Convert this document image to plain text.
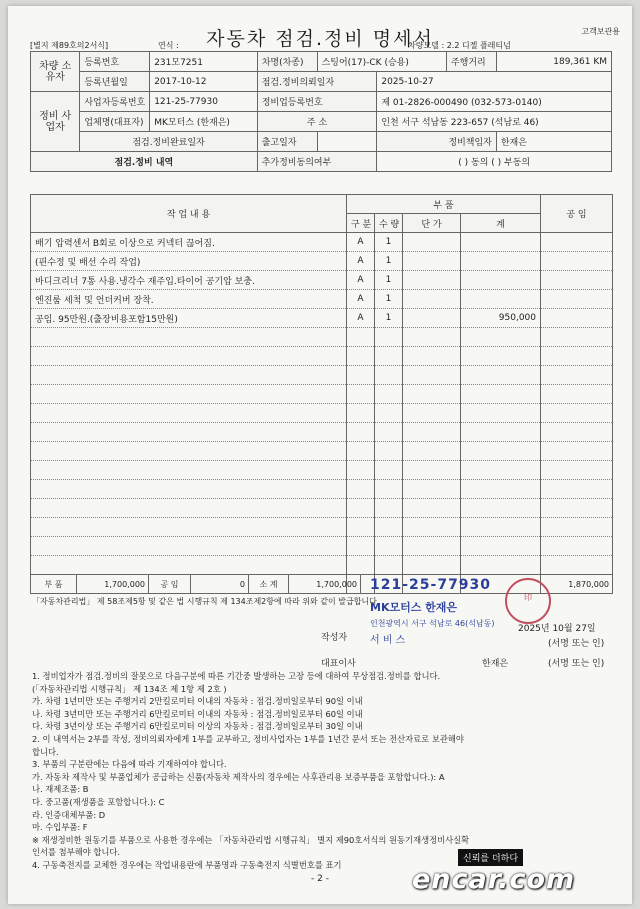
자동차 점검.정비 명세서	고객보관용
[별지 제89호의2서식]	연식 :	차량모델 : 2.2 디젤 플래티넘
차량 소유자	등록번호	231모7251	차명(차종)	스팅어(17)-CK (승용)		주행거리	189,361 KM
	등록년월일	2017-10-12	점검.정비의뢰일자		2025-10-27		
정비 사업자	사업자등록번호	121-25-77930	정비업등록번호		제 01-2826-000490 (032-573-0140)		
	업체명(대표자)	MK모터스 (한재은)	주 소		인천 서구 석남동 223-657 (석남로 46)		
	점검.정비완료일자		출고일자		정비책임자		한재은
점검.정비 내역			추가정비동의여부		( ) 동의 ( ) 부동의		
작 업 내 용	부 품				공 임
	구 분	수 량	단 가	계	
배기 압력센서 B회로 이상으로 커넥터 끊어짐.	A	1			
(핀수정 및 배선 수리 작업)	A	1			
바디크리너 7통 사용.냉각수 재주입.타이어 공기압 보충.	A	1			
엔진룸 세척 및 언더커버 장착.	A	1			
공임. 95만원.(출장비용포함15만원)	A	1		950,000	

부 품	1,700,000	공 임	0	소 계	1,700,000		1,870,000
「자동차관리법」 제 58조제5항 및 같은 법 시행규칙 제 134조제2항에 따라 위와 같이 발급합니다.
121-25-77930
MK모터스 한재은
인천광역시 서구 석남로 46(석남동)
印
2025년 10월 27일
작성자 서 비 스	(서명 또는 인)
대표이사	한재은	(서명 또는 인)
1. 정비업자가 점검.정비의 잘못으로 다음구분에 따른 기간중 발생하는 고장 등에 대하여 무상점검.정비를 합니다.
(「자동차관리법 시행규칙」 제 134조 제 1항 제 2호 )
가. 차령 1년미만 또는 주행거리 2만킬로미터 이내의 자동차 : 점검.정비일로부터 90일 이내
나. 차령 3년미만 또는 주행거리 6만킬로미터 이내의 자동차 : 점검.정비일로부터 60일 이내
다. 차령 3년이상 또는 주행거리 6만킬로미터 이상의 자동차 : 점검.정비일로부터 30일 이내
2. 이 내역서는 2부를 작성, 정비의뢰자에게 1부를 교부하고, 정비사업자는 1부를 1년간 문서 또는 전산자료로 보관해야
합니다.
3. 부품의 구분란에는 다음에 따라 기재하여야 합니다.
가. 자동차 제작사 및 부품업체가 공급하는 신품(자동차 제작사의 경우에는 사후관리용 보증부품을 포함합니다.): A
나. 재제조품: B
다. 중고품(재생품을 포함합니다.): C
라. 인증대체부품: D
마. 수입부품: F
※ 재생정비한 원동기를 부품으로 사용한 경우에는 「자동차관리법 시행규칙」 별지 제90호서식의 원동기재생정비사실확
인서를 첨부해야 합니다.
4. 구동축전지를 교체한 경우에는 작업내용란에 부품명과 구동축전지 식별번호를 표기
- 2 -
신뢰를 더하다
encar.com
